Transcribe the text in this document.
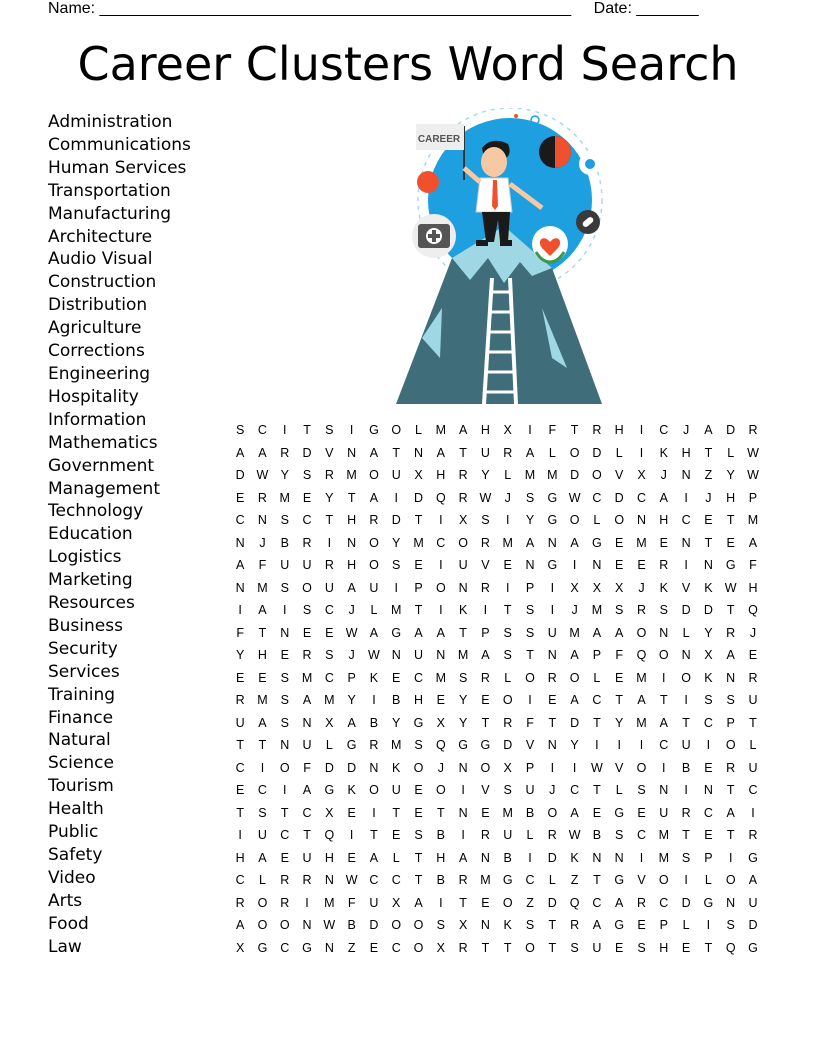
Name: _____________________________________________________ Date: _______
Career Clusters Word Search
Administration
Communications
Human Services
Transportation
Manufacturing
Architecture
Audio Visual
Construction
Distribution
Agriculture
Corrections
Engineering
Hospitality
Information
Mathematics
Government
Management
Technology
Education
Logistics
Marketing
Resources
Business
Security
Services
Training
Finance
Natural
Science
Tourism
Health
Public
Safety
Video
Arts
Food
Law
CAREER
S	C	I	T	S	I	G	O	L	M	A	H	X	I	F	T	R	H	I	C	J	A	D	R
A	A	R	D	V	N	A	T	N	A	T	U	R	A	L	O	D	L	I	K	H	T	L	W
D W Y	S	R	M O	U	X	H	R	Y	L	M M	D	O	V	X	J	N	Z	Y W
E	R	M	E	Y	T	A	I	D	Q	R W	J	S	G W C	D	C	A	I	J	H	P
C	N	S	C	T	H	R	D	T	I	X	S	I	Y	G	O	L	O	N	H	C	E	T	M
N	J	B	R	I	N	O	Y	M	C	O	R	M	A	N	A	G	E	M	E	N	T	E	A
A	F	U	U	R	H	O	S	E	I	U	V	E	N	G	I	N	E	E	R	I	N	G	F
N	M	S	O	U	A	U	I	P	O	N	R	I	P	I	X	X	X	J	K	V	K W H
I	A	I	S	C	J	L	M	T	I	K	I	T	S	I	J	M	S	R	S	D	D	T	Q
F	T	N	E	E W A	G	A	A	T	P	S	S	U	M	A	A	O	N	L	Y	R	J
Y	H	E	R	S	J	W N	U	N	M	A	S	T	N	A	P	F	Q	O	N	X	A	E
E	E	S	M	C	P	K	E	C	M	S	R	L	O	R	O	L	E	M	I	O	K	N	R
R	M	S	A	M	Y	I	B	H	E	Y	E	O	I	E	A	C	T	A	T	I	S	S	U
U	A	S	N	X	A	B	Y	G	X	Y	T	R	F	T	D	T	Y	M	A	T	C	P	T
T	T	N	U	L	G	R	M	S	Q	G	G	D	V	N	Y	I	I	I	C	U	I	O	L
C	I	O	F	D	D	N	K	O	J	N	O	X	P	I	I	W V	O	I	B	E	R	U
E	C	I	A	G	K	O	U	E	O	I	V	S	U	J	C	T	L	S	N	I	N	T	C
T	S	T	C	X	E	I	T	E	T	N	E	M	B	O	A	E	G	E	U	R	C	A	I
I	U	C	T	Q	I	T	E	S	B	I	R	U	L	R W B	S	C	M	T	E	T	R
H	A	E	U	H	E	A	L	T	H	A	N	B	I	D	K	N	N	I	M	S	P	I	G
C	L	R	R	N W C	C	T	B	R	M G	C	L	Z	T	G	V	O	I	L	O	A
R	O	R	I	M	F	U	X	A	I	T	E	O	Z	D	Q	C	A	R	C	D	G	N	U
A	O	O	N W B	D	O	O	S	X	N	K	S	T	R	A	G	E	P	L	I	S	D
X	G	C	G	N	Z	E	C	O	X	R	T	T	O	T	S	U	E	S	H	E	T	Q	G
